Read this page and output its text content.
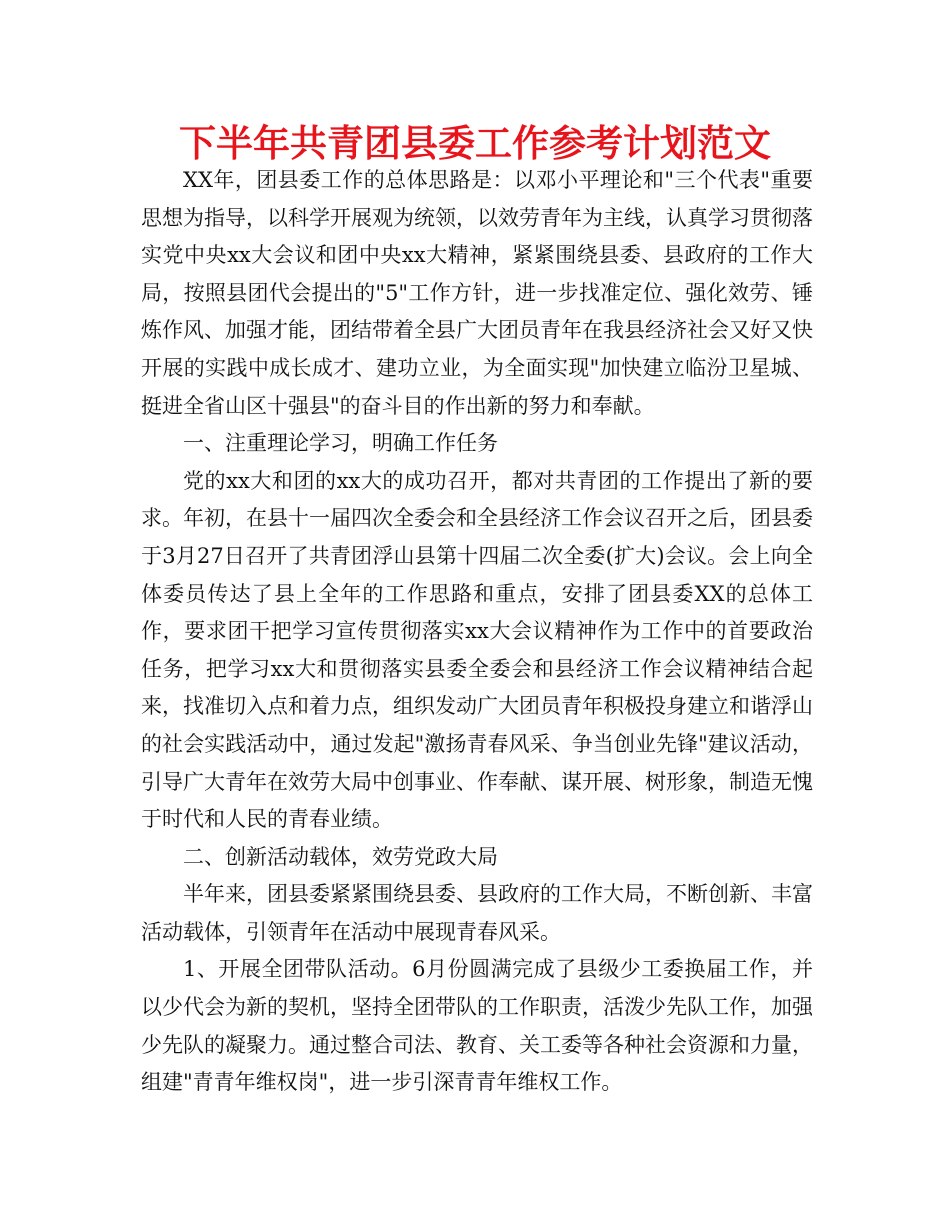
下半年共青团县委工作参考计划范文

XX年，团县委工作的总体思路是：以邓小平理论和"三个代表"重要思想为指导，以科学开展观为统领，以效劳青年为主线，认真学习贯彻落实党中央xx大会议和团中央xx大精神，紧紧围绕县委、县政府的工作大局，按照县团代会提出的"5"工作方针，进一步找准定位、强化效劳、锤炼作风、加强才能，团结带着全县广大团员青年在我县经济社会又好又快开展的实践中成长成才、建功立业，为全面实现"加快建立临汾卫星城、挺进全省山区十强县"的奋斗目的作出新的努力和奉献。

一、注重理论学习，明确工作任务

党的xx大和团的xx大的成功召开，都对共青团的工作提出了新的要求。年初，在县十一届四次全委会和全县经济工作会议召开之后，团县委于3月27日召开了共青团浮山县第十四届二次全委(扩大)会议。会上向全体委员传达了县上全年的工作思路和重点，安排了团县委XX的总体工作，要求团干把学习宣传贯彻落实xx大会议精神作为工作中的首要政治任务，把学习xx大和贯彻落实县委全委会和县经济工作会议精神结合起来，找准切入点和着力点，组织发动广大团员青年积极投身建立和谐浮山的社会实践活动中，通过发起"激扬青春风采、争当创业先锋"建议活动，引导广大青年在效劳大局中创事业、作奉献、谋开展、树形象，制造无愧于时代和人民的青春业绩。

二、创新活动载体，效劳党政大局

半年来，团县委紧紧围绕县委、县政府的工作大局，不断创新、丰富活动载体，引领青年在活动中展现青春风采。

1、开展全团带队活动。6月份圆满完成了县级少工委换届工作，并以少代会为新的契机，坚持全团带队的工作职责，活泼少先队工作，加强少先队的凝聚力。通过整合司法、教育、关工委等各种社会资源和力量，组建"青青年维权岗"，进一步引深青青年维权工作。
